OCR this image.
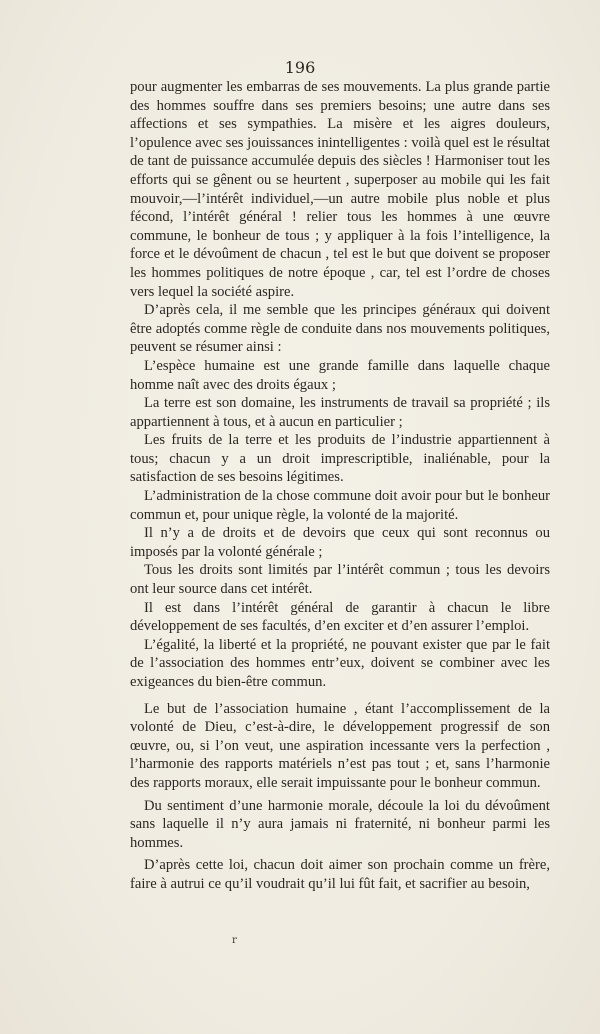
196

pour augmenter les embarras de ses mouvements. La plus grande partie des hommes souffre dans ses premiers besoins; une autre dans ses affections et ses sympathies. La misère et les aigres douleurs, l’opulence avec ses jouissances inintelligentes : voilà quel est le résultat de tant de puissance accumulée depuis des siècles ! Harmoniser tout les efforts qui se gênent ou se heurtent , superposer au mobile qui les fait mouvoir,—l’intérêt individuel,—un autre mobile plus noble et plus fécond, l’intérêt général ! relier tous les hommes à une œuvre commune, le bonheur de tous ; y appliquer à la fois l’intelligence, la force et le dévoûment de chacun , tel est le but que doivent se proposer les hommes politiques de notre époque , car, tel est l’ordre de choses vers lequel la société aspire.

D’après cela, il me semble que les principes généraux qui doivent être adoptés comme règle de conduite dans nos mouvements politiques, peuvent se résumer ainsi :

L’espèce humaine est une grande famille dans laquelle chaque homme naît avec des droits égaux ;

La terre est son domaine, les instruments de travail sa propriété ; ils appartiennent à tous, et à aucun en particulier ;

Les fruits de la terre et les produits de l’industrie appartiennent à tous; chacun y a un droit imprescriptible, inaliénable, pour la satisfaction de ses besoins légitimes.

L’administration de la chose commune doit avoir pour but le bonheur commun et, pour unique règle, la volonté de la majorité.

Il n’y a de droits et de devoirs que ceux qui sont reconnus ou imposés par la volonté générale ;

Tous les droits sont limités par l’intérêt commun ; tous les devoirs ont leur source dans cet intérêt.

Il est dans l’intérêt général de garantir à chacun le libre développement de ses facultés, d’en exciter et d’en assurer l’emploi.

L’égalité, la liberté et la propriété, ne pouvant exister que par le fait de l’association des hommes entr’eux, doivent se combiner avec les exigeances du bien-être commun.

Le but de l’association humaine , étant l’accomplissement de la volonté de Dieu, c’est-à-dire, le développement progressif de son œuvre, ou, si l’on veut, une aspiration incessante vers la perfection , l’harmonie des rapports matériels n’est pas tout ; et, sans l’harmonie des rapports moraux, elle serait impuissante pour le bonheur commun.

Du sentiment d’une harmonie morale, découle la loi du dévoûment sans laquelle il n’y aura jamais ni fraternité, ni bonheur parmi les hommes.

D’après cette loi, chacun doit aimer son prochain comme un frère, faire à autrui ce qu’il voudrait qu’il lui fût fait, et sacrifier au besoin,

r
